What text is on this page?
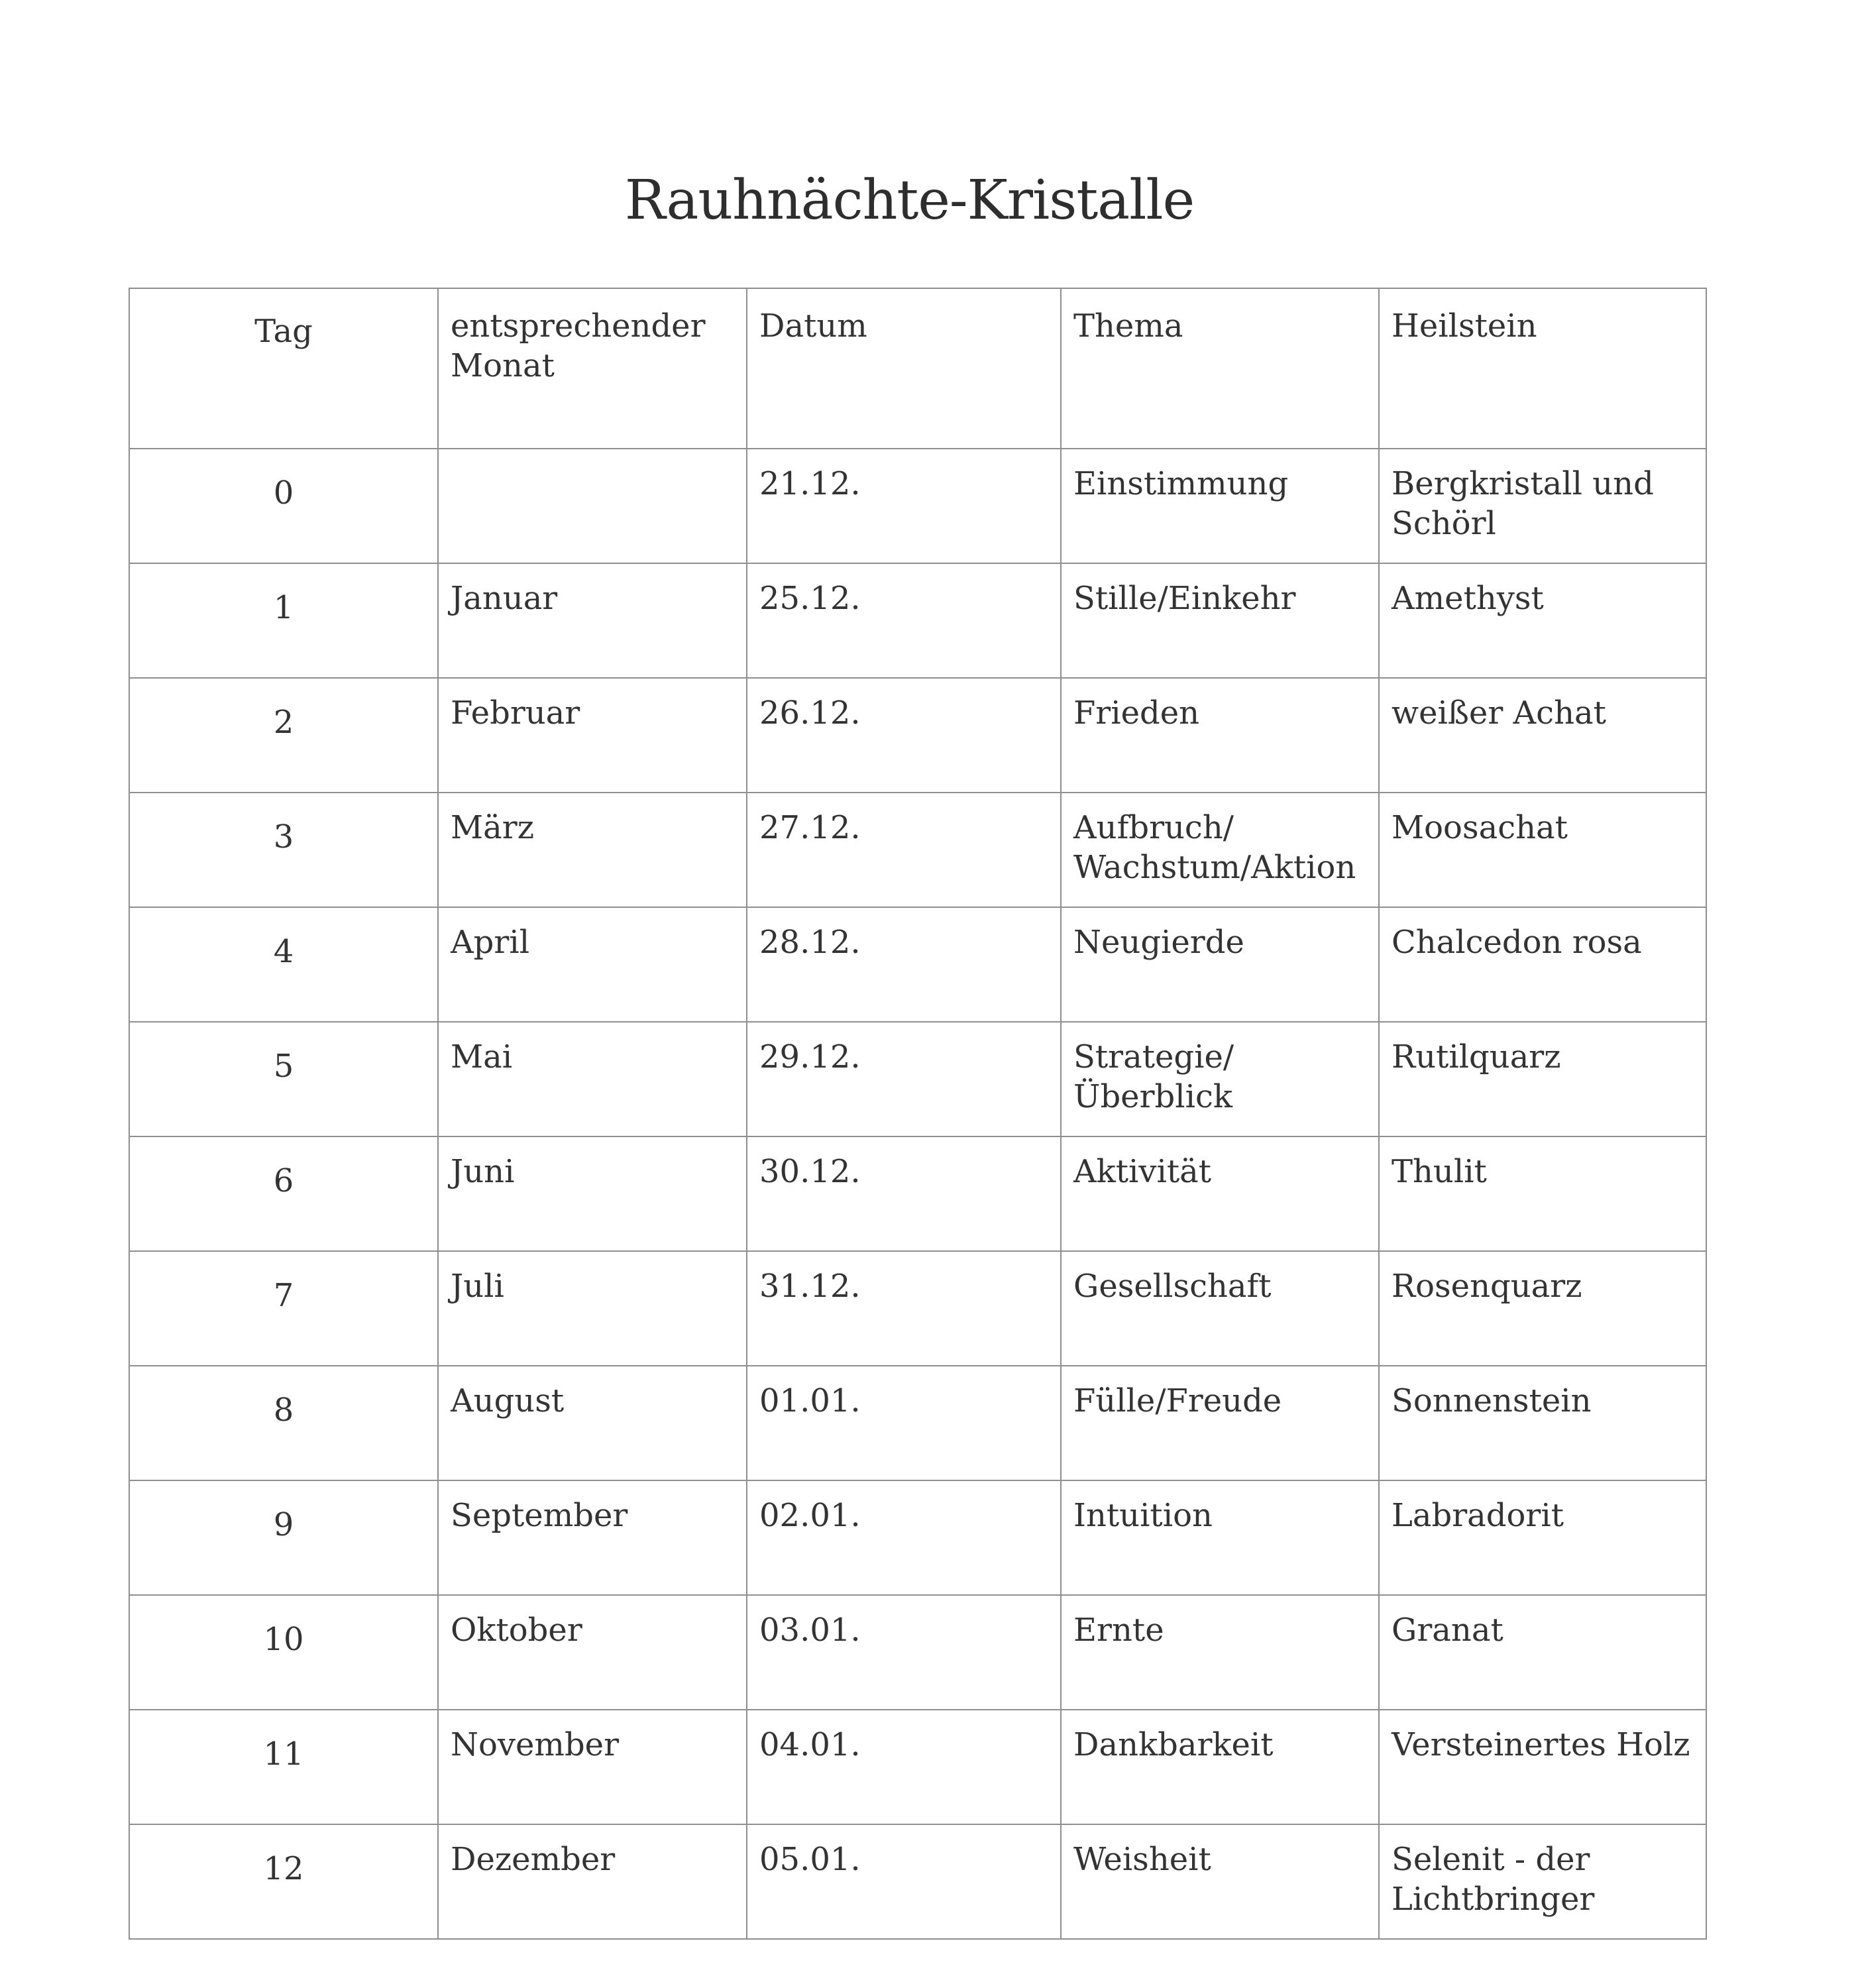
Rauhnächte-Kristalle
Tag	entsprechender Monat	Datum	Thema	Heilstein
0		21.12.	Einstimmung	Bergkristall und Schörl
1	Januar	25.12.	Stille/Einkehr	Amethyst
2	Februar	26.12.	Frieden	weißer Achat
3	März	27.12.	Aufbruch/ Wachstum/Aktion	Moosachat
4	April	28.12.	Neugierde	Chalcedon rosa
5	Mai	29.12.	Strategie/Überblick	Rutilquarz
6	Juni	30.12.	Aktivität	Thulit
7	Juli	31.12.	Gesellschaft	Rosenquarz
8	August	01.01.	Fülle/Freude	Sonnenstein
9	September	02.01.	Intuition	Labradorit
10	Oktober	03.01.	Ernte	Granat
11	November	04.01.	Dankbarkeit	Versteinertes Holz
12	Dezember	05.01.	Weisheit	Selenit - der Lichtbringer
